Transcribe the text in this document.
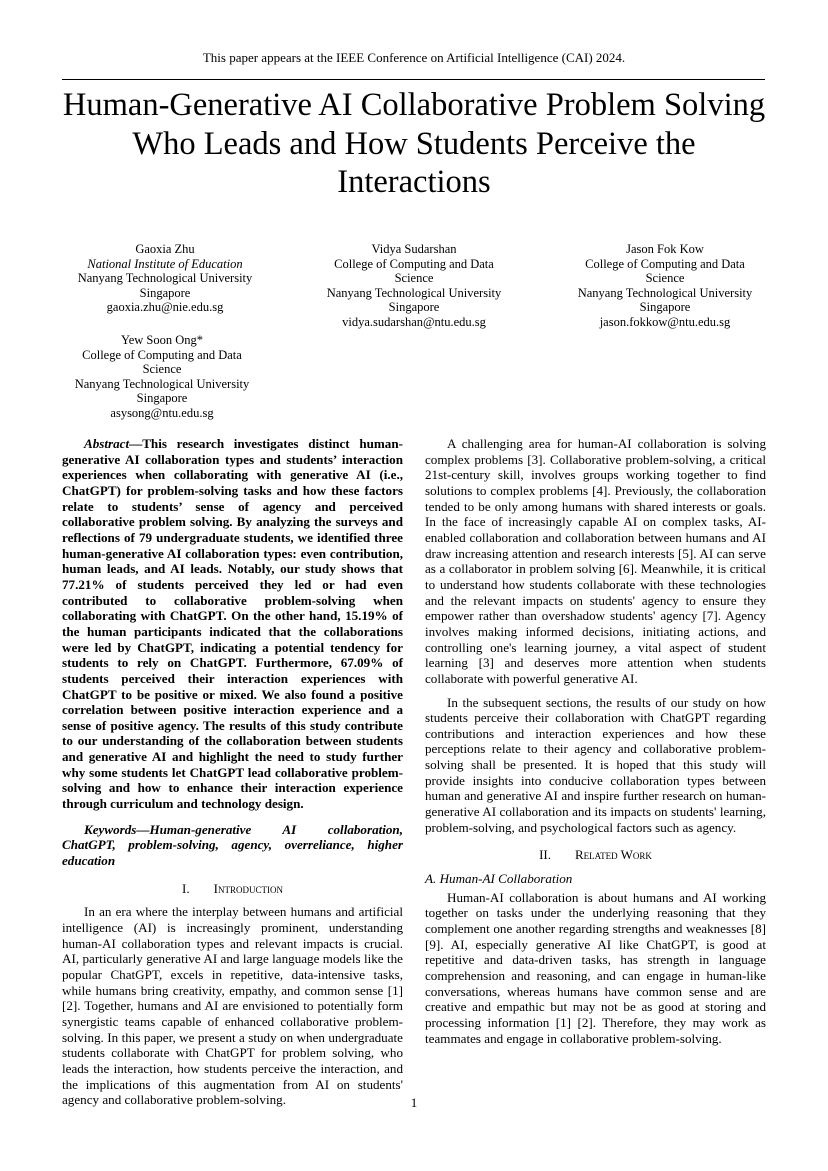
This paper appears at the IEEE Conference on Artificial Intelligence (CAI) 2024.
Human-Generative AI Collaborative Problem Solving Who Leads and How Students Perceive the Interactions
Gaoxia Zhu
National Institute of Education
Nanyang Technological University
Singapore
gaoxia.zhu@nie.edu.sg
Vidya Sudarshan
College of Computing and Data
Science
Nanyang Technological University
Singapore
vidya.sudarshan@ntu.edu.sg
Jason Fok Kow
College of Computing and Data
Science
Nanyang Technological University
Singapore
jason.fokkow@ntu.edu.sg
Yew Soon Ong*
College of Computing and Data
Science
Nanyang Technological University
Singapore
asysong@ntu.edu.sg

Abstract—This research investigates distinct human-generative AI collaboration types and students’ interaction experiences when collaborating with generative AI (i.e., ChatGPT) for problem-solving tasks and how these factors relate to students’ sense of agency and perceived collaborative problem solving. By analyzing the surveys and reflections of 79 undergraduate students, we identified three human-generative AI collaboration types: even contribution, human leads, and AI leads. Notably, our study shows that 77.21% of students perceived they led or had even contributed to collaborative problem-solving when collaborating with ChatGPT. On the other hand, 15.19% of the human participants indicated that the collaborations were led by ChatGPT, indicating a potential tendency for students to rely on ChatGPT. Furthermore, 67.09% of students perceived their interaction experiences with ChatGPT to be positive or mixed. We also found a positive correlation between positive interaction experience and a sense of positive agency. The results of this study contribute to our understanding of the collaboration between students and generative AI and highlight the need to study further why some students let ChatGPT lead collaborative problem-solving and how to enhance their interaction experience through curriculum and technology design.

Keywords—Human-generative AI collaboration, ChatGPT, problem-solving, agency, overreliance, higher education

I. Introduction

In an era where the interplay between humans and artificial intelligence (AI) is increasingly prominent, understanding human-AI collaboration types and relevant impacts is crucial. AI, particularly generative AI and large language models like the popular ChatGPT, excels in repetitive, data-intensive tasks, while humans bring creativity, empathy, and common sense [1] [2]. Together, humans and AI are envisioned to potentially form synergistic teams capable of enhanced collaborative problem-solving. In this paper, we present a study on when undergraduate students collaborate with ChatGPT for problem solving, who leads the interaction, how students perceive the interaction, and the implications of this augmentation from AI on students' agency and collaborative problem-solving.

A challenging area for human-AI collaboration is solving complex problems [3]. Collaborative problem-solving, a critical 21st-century skill, involves groups working together to find solutions to complex problems [4]. Previously, the collaboration tended to be only among humans with shared interests or goals. In the face of increasingly capable AI on complex tasks, AI-enabled collaboration and collaboration between humans and AI draw increasing attention and research interests [5]. AI can serve as a collaborator in problem solving [6]. Meanwhile, it is critical to understand how students collaborate with these technologies and the relevant impacts on students' agency to ensure they empower rather than overshadow students' agency [7]. Agency involves making informed decisions, initiating actions, and controlling one's learning journey, a vital aspect of student learning [3] and deserves more attention when students collaborate with powerful generative AI.

In the subsequent sections, the results of our study on how students perceive their collaboration with ChatGPT regarding contributions and interaction experiences and how these perceptions relate to their agency and collaborative problem-solving shall be presented. It is hoped that this study will provide insights into conducive collaboration types between human and generative AI and inspire further research on human-generative AI collaboration and its impacts on students' learning, problem-solving, and psychological factors such as agency.

II. Related Work

A. Human-AI Collaboration

Human-AI collaboration is about humans and AI working together on tasks under the underlying reasoning that they complement one another regarding strengths and weaknesses [8] [9]. AI, especially generative AI like ChatGPT, is good at repetitive and data-driven tasks, has strength in language comprehension and reasoning, and can engage in human-like conversations, whereas humans have common sense and are creative and empathic but may not be as good at storing and processing information [1] [2]. Therefore, they may work as teammates and engage in collaborative problem-solving.

1
